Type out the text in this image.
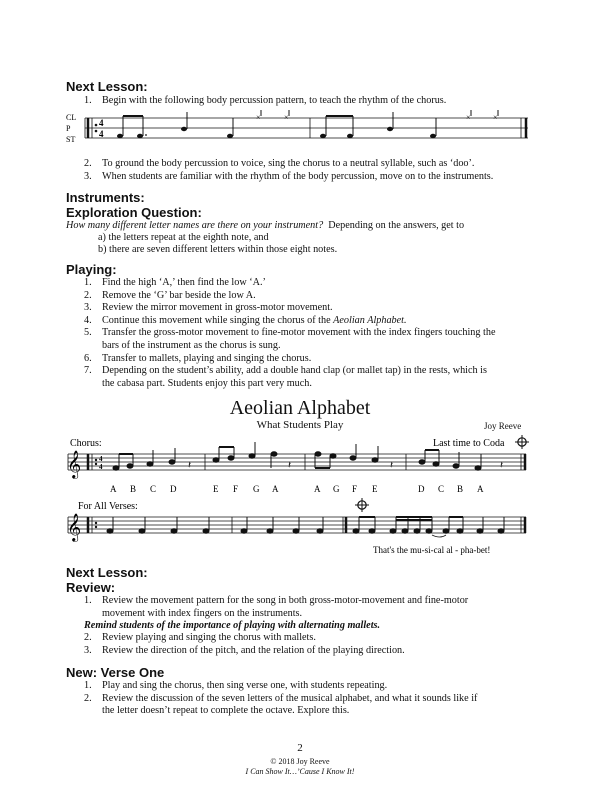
Next Lesson:
1. Begin with the following body percussion pattern, to teach the rhythm of the chorus.
CL
P
ST
4
4
×	×	×	×
2. To ground the body percussion to voice, sing the chorus to a neutral syllable, such as ‘doo’.
3. When students are familiar with the rhythm of the body percussion, move on to the instruments.
Instruments:
Exploration Question:
How many different letter names are there on your instrument? Depending on the answers, get to
a) the letters repeat at the eighth note, and
b) there are seven different letters within those eight notes.
Playing:
1. Find the high ‘A,’ then find the low ‘A.’
2. Remove the ‘G’ bar beside the low A.
3. Review the mirror movement in gross-motor movement.
4. Continue this movement while singing the chorus of the Aeolian Alphabet.
5. Transfer the gross-motor movement to fine-motor movement with the index fingers touching the
bars of the instrument as the chorus is sung.
6. Transfer to mallets, playing and singing the chorus.
7. Depending on the student’s ability, add a double hand clap (or mallet tap) in the rests, which is
the cabasa part. Students enjoy this part very much.
Aeolian Alphabet
What Students Play	Joy Reeve
Chorus:	Last time to Coda
𝄞	4
4	𝄽	𝄽	𝄽	𝄽
A B C D	E F G A	A G F E	D C B A
For All Verses:
𝄞
That's the mu-si-cal al - pha-bet!
Next Lesson:
Review:
1. Review the movement pattern for the song in both gross-motor-movement and fine-motor
movement with index fingers on the instruments.
Remind students of the importance of playing with alternating mallets.
2. Review playing and singing the chorus with mallets.
3. Review the direction of the pitch, and the relation of the playing direction.
New: Verse One
1. Play and sing the chorus, then sing verse one, with students repeating.
2. Review the discussion of the seven letters of the musical alphabet, and what it sounds like if
the letter doesn’t repeat to complete the octave. Explore this.
2
© 2018 Joy Reeve
I Can Show It…’Cause I Know It!
